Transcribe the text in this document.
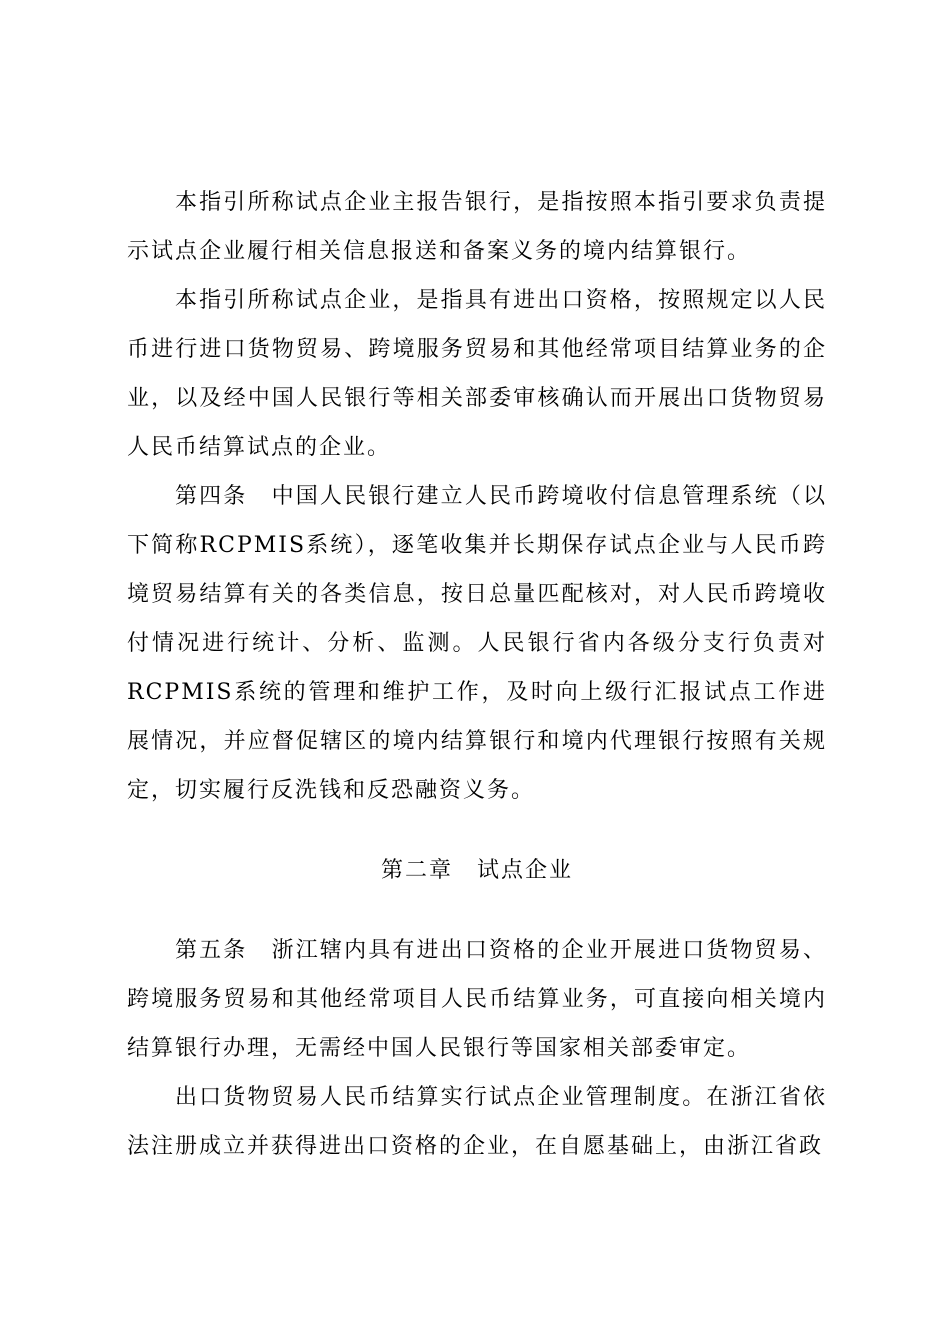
本指引所称试点企业主报告银行，是指按照本指引要求负责提示试点企业履行相关信息报送和备案义务的境内结算银行。

本指引所称试点企业，是指具有进出口资格，按照规定以人民币进行进口货物贸易、跨境服务贸易和其他经常项目结算业务的企业，以及经中国人民银行等相关部委审核确认而开展出口货物贸易人民币结算试点的企业。

第四条　中国人民银行建立人民币跨境收付信息管理系统（以下简称RCPMIS系统），逐笔收集并长期保存试点企业与人民币跨境贸易结算有关的各类信息，按日总量匹配核对，对人民币跨境收付情况进行统计、分析、监测。人民银行省内各级分支行负责对RCPMIS系统的管理和维护工作，及时向上级行汇报试点工作进展情况，并应督促辖区的境内结算银行和境内代理银行按照有关规定，切实履行反洗钱和反恐融资义务。

第二章　试点企业

第五条　浙江辖内具有进出口资格的企业开展进口货物贸易、跨境服务贸易和其他经常项目人民币结算业务，可直接向相关境内结算银行办理，无需经中国人民银行等国家相关部委审定。

出口货物贸易人民币结算实行试点企业管理制度。在浙江省依法注册成立并获得进出口资格的企业，在自愿基础上，由浙江省政
